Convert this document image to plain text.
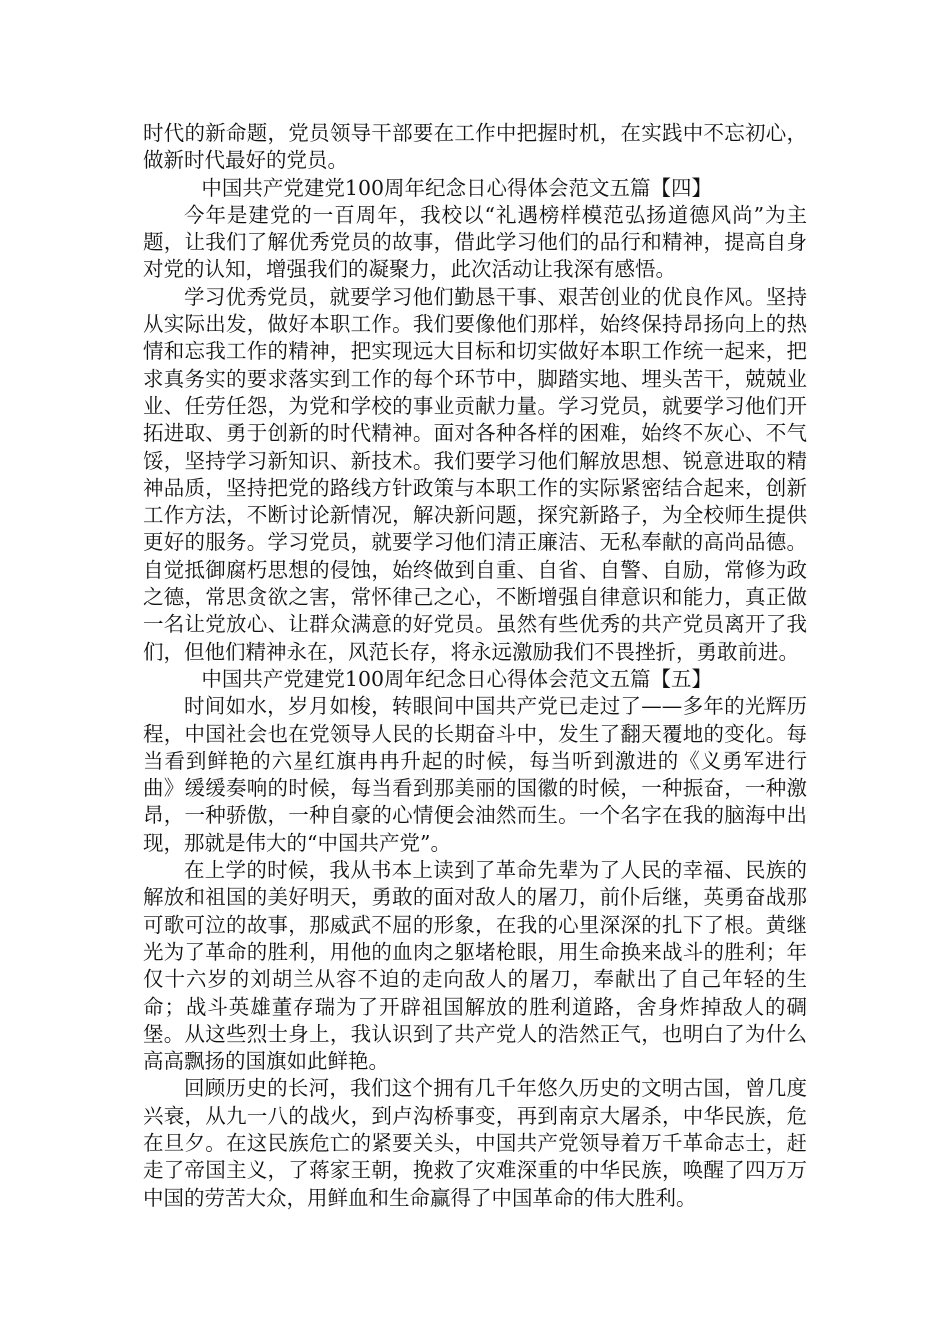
时代的新命题，党员领导干部要在工作中把握时机，在实践中不忘初心，做新时代最好的党员。

中国共产党建党100周年纪念日心得体会范文五篇【四】

今年是建党的一百周年，我校以“礼遇榜样模范弘扬道德风尚”为主题，让我们了解优秀党员的故事，借此学习他们的品行和精神，提高自身对党的认知，增强我们的凝聚力，此次活动让我深有感悟。

学习优秀党员，就要学习他们勤恳干事、艰苦创业的优良作风。坚持从实际出发，做好本职工作。我们要像他们那样，始终保持昂扬向上的热情和忘我工作的精神，把实现远大目标和切实做好本职工作统一起来，把求真务实的要求落实到工作的每个环节中，脚踏实地、埋头苦干，兢兢业业、任劳任怨，为党和学校的事业贡献力量。学习党员，就要学习他们开拓进取、勇于创新的时代精神。面对各种各样的困难，始终不灰心、不气馁，坚持学习新知识、新技术。我们要学习他们解放思想、锐意进取的精神品质，坚持把党的路线方针政策与本职工作的实际紧密结合起来，创新工作方法，不断讨论新情况，解决新问题，探究新路子，为全校师生提供更好的服务。学习党员，就要学习他们清正廉洁、无私奉献的高尚品德。自觉抵御腐朽思想的侵蚀，始终做到自重、自省、自警、自励，常修为政之德，常思贪欲之害，常怀律己之心，不断增强自律意识和能力，真正做一名让党放心、让群众满意的好党员。虽然有些优秀的共产党员离开了我们，但他们精神永在，风范长存，将永远激励我们不畏挫折，勇敢前进。

中国共产党建党100周年纪念日心得体会范文五篇【五】

时间如水，岁月如梭，转眼间中国共产党已走过了——多年的光辉历程，中国社会也在党领导人民的长期奋斗中，发生了翻天覆地的变化。每当看到鲜艳的六星红旗冉冉升起的时候，每当听到激进的《义勇军进行曲》缓缓奏响的时候，每当看到那美丽的国徽的时候，一种振奋，一种激昂，一种骄傲，一种自豪的心情便会油然而生。一个名字在我的脑海中出现，那就是伟大的“中国共产党”。

在上学的时候，我从书本上读到了革命先辈为了人民的幸福、民族的解放和祖国的美好明天，勇敢的面对敌人的屠刀，前仆后继，英勇奋战那可歌可泣的故事，那威武不屈的形象，在我的心里深深的扎下了根。黄继光为了革命的胜利，用他的血肉之躯堵枪眼，用生命换来战斗的胜利；年仅十六岁的刘胡兰从容不迫的走向敌人的屠刀，奉献出了自己年轻的生命；战斗英雄董存瑞为了开辟祖国解放的胜利道路，舍身炸掉敌人的碉堡。从这些烈士身上，我认识到了共产党人的浩然正气，也明白了为什么高高飘扬的国旗如此鲜艳。

回顾历史的长河，我们这个拥有几千年悠久历史的文明古国，曾几度兴衰，从九一八的战火，到卢沟桥事变，再到南京大屠杀，中华民族，危在旦夕。在这民族危亡的紧要关头，中国共产党领导着万千革命志士，赶走了帝国主义，了蒋家王朝，挽救了灾难深重的中华民族，唤醒了四万万中国的劳苦大众，用鲜血和生命赢得了中国革命的伟大胜利。
